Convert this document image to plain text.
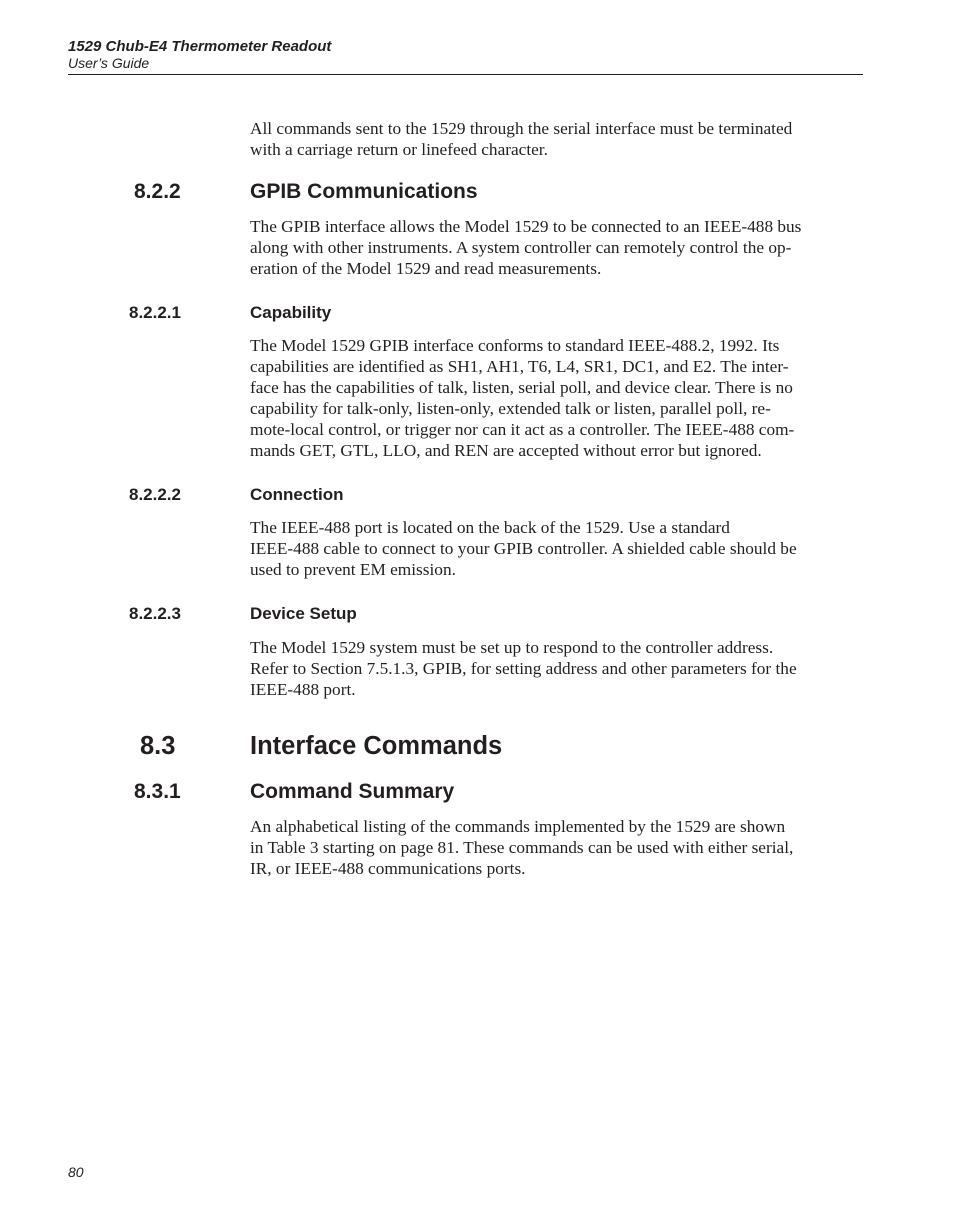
1529 Chub-E4 Thermometer Readout
User’s Guide

All commands sent to the 1529 through the serial interface must be terminated
with a carriage return or linefeed character.

8.2.2	GPIB Communications

The GPIB interface allows the Model 1529 to be connected to an IEEE-488 bus
along with other instruments. A system controller can remotely control the op-
eration of the Model 1529 and read measurements.

8.2.2.1	Capability

The Model 1529 GPIB interface conforms to standard IEEE-488.2, 1992. Its
capabilities are identified as SH1, AH1, T6, L4, SR1, DC1, and E2. The inter-
face has the capabilities of talk, listen, serial poll, and device clear. There is no
capability for talk-only, listen-only, extended talk or listen, parallel poll, re-
mote-local control, or trigger nor can it act as a controller. The IEEE-488 com-
mands GET, GTL, LLO, and REN are accepted without error but ignored.

8.2.2.2	Connection

The IEEE-488 port is located on the back of the 1529. Use a standard
IEEE-488 cable to connect to your GPIB controller. A shielded cable should be
used to prevent EM emission.

8.2.2.3	Device Setup

The Model 1529 system must be set up to respond to the controller address.
Refer to Section 7.5.1.3, GPIB, for setting address and other parameters for the
IEEE-488 port.

8.3	Interface Commands
8.3.1	Command Summary

An alphabetical listing of the commands implemented by the 1529 are shown
in Table 3 starting on page 81. These commands can be used with either serial,
IR, or IEEE-488 communications ports.

80
